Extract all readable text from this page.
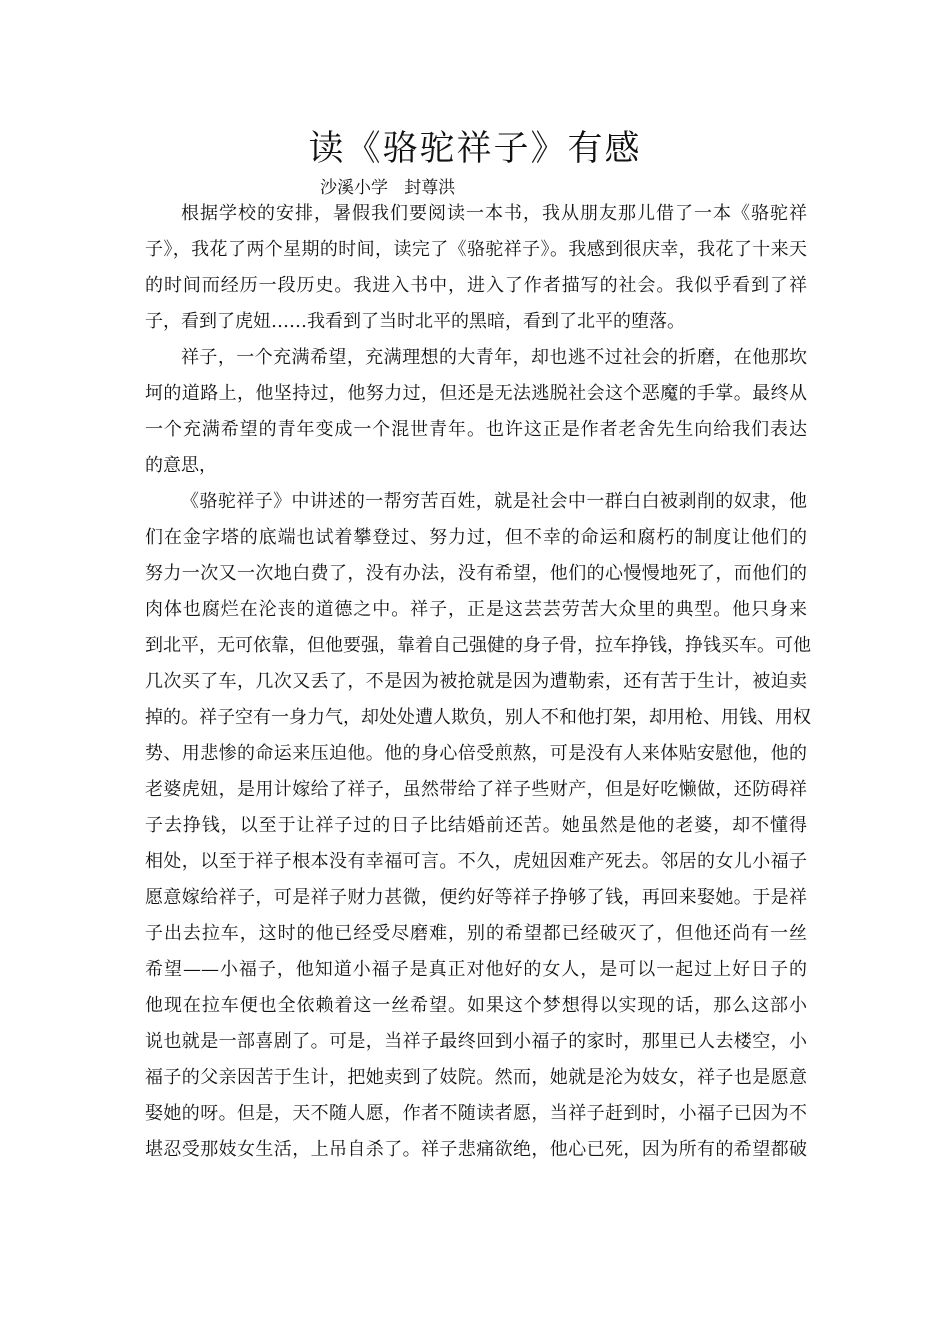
读《骆驼祥子》有感
沙溪小学   封尊洪
根据学校的安排，暑假我们要阅读一本书，我从朋友那儿借了一本《骆驼祥
子》，我花了两个星期的时间，读完了《骆驼祥子》。我感到很庆幸，我花了十来天
的时间而经历一段历史。我进入书中，进入了作者描写的社会。我似乎看到了祥
子，看到了虎妞……我看到了当时北平的黑暗，看到了北平的堕落。
祥子，一个充满希望，充满理想的大青年，却也逃不过社会的折磨，在他那坎
坷的道路上，他坚持过，他努力过，但还是无法逃脱社会这个恶魔的手掌。最终从
一个充满希望的青年变成一个混世青年。也许这正是作者老舍先生向给我们表达
的意思，
《骆驼祥子》中讲述的一帮穷苦百姓，就是社会中一群白白被剥削的奴隶，他
们在金字塔的底端也试着攀登过、努力过，但不幸的命运和腐朽的制度让他们的
努力一次又一次地白费了，没有办法，没有希望，他们的心慢慢地死了，而他们的
肉体也腐烂在沦丧的道德之中。祥子，正是这芸芸劳苦大众里的典型。他只身来
到北平，无可依靠，但他要强，靠着自己强健的身子骨，拉车挣钱，挣钱买车。可他
几次买了车，几次又丢了，不是因为被抢就是因为遭勒索，还有苦于生计，被迫卖
掉的。祥子空有一身力气，却处处遭人欺负，别人不和他打架，却用枪、用钱、用权
势、用悲惨的命运来压迫他。他的身心倍受煎熬，可是没有人来体贴安慰他，他的
老婆虎妞，是用计嫁给了祥子，虽然带给了祥子些财产，但是好吃懒做，还防碍祥
子去挣钱，以至于让祥子过的日子比结婚前还苦。她虽然是他的老婆，却不懂得
相处，以至于祥子根本没有幸福可言。不久，虎妞因难产死去。邻居的女儿小福子
愿意嫁给祥子，可是祥子财力甚微，便约好等祥子挣够了钱，再回来娶她。于是祥
子出去拉车，这时的他已经受尽磨难，别的希望都已经破灭了，但他还尚有一丝
希望——小福子，他知道小福子是真正对他好的女人，是可以一起过上好日子的
他现在拉车便也全依赖着这一丝希望。如果这个梦想得以实现的话，那么这部小
说也就是一部喜剧了。可是，当祥子最终回到小福子的家时，那里已人去楼空，小
福子的父亲因苦于生计，把她卖到了妓院。然而，她就是沦为妓女，祥子也是愿意
娶她的呀。但是，天不随人愿，作者不随读者愿，当祥子赶到时，小福子已因为不
堪忍受那妓女生活，上吊自杀了。祥子悲痛欲绝，他心已死，因为所有的希望都破
